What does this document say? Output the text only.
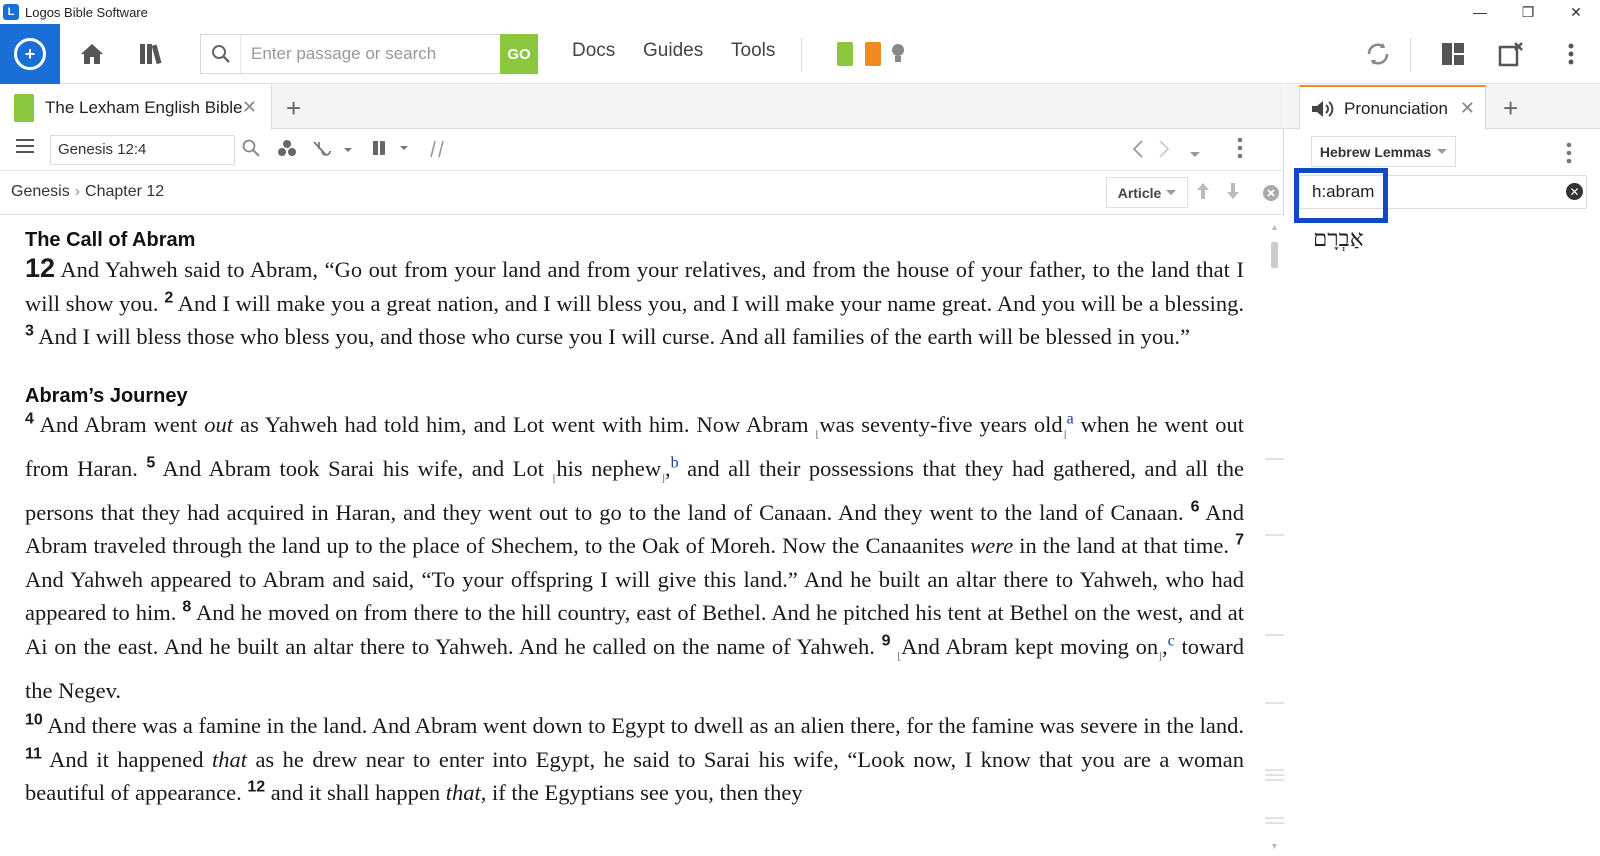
L Logos Bible Software	—	❐	✕
+
Enter passage or search	GO	Docs Guides Tools
The Lexham English Bible ✕ +
Genesis 12:4
Genesis › Chapter 12	Article
The Call of Abram

12 And Yahweh said to Abram, “Go out from your land and from your relatives, and from the house of your father, to the land that I will show you. $^2$ And I will make you a great nation, and I will bless you, and I will make your name great. And you will be a blessing. $^3$ And I will bless those who bless you, and those who curse you I will curse. And all families of the earth will be blessed in you.”

Abram’s Journey

$^4$ And Abram went out as Yahweh had told him, and Lot went with him. Now Abram $_⌊$was seventy-five years old$_⌋^a$ when he went out from Haran. $^5$ And Abram took Sarai his wife, and Lot $_⌊$his nephew$_⌋$,$^b$ and all their possessions that they had gathered, and all the persons that they had acquired in Haran, and they went out to go to the land of Canaan. And they went to the land of Canaan. $^6$ And Abram traveled through the land up to the place of Shechem, to the Oak of Moreh. Now the Canaanites were in the land at that time. $^7$ And Yahweh appeared to Abram and said, “To your offspring I will give this land.” And he built an altar there to Yahweh, who had appeared to him. $^8$ And he moved on from there to the hill country, east of Bethel. And he pitched his tent at Bethel on the west, and at Ai on the east. And he built an altar there to Yahweh. And he called on the name of Yahweh. $^9$ $_⌊$And Abram kept moving $on_⌋,^c$ toward the Negev.

$^{10}$ And there was a famine in the land. And Abram went down to Egypt to dwell as an alien there, for the famine was severe in the land. $^{11}$ And it happened that as he drew near to enter into Egypt, he said to Sarai his wife, “Look now, I know that you are a woman beautiful of appearance. $^{12}$ and it shall happen that, if the Egyptians see you, then they

▲
▼
Pronunciation ✕ +
Hebrew Lemmas
h:abram	✕
אַבְרָם
